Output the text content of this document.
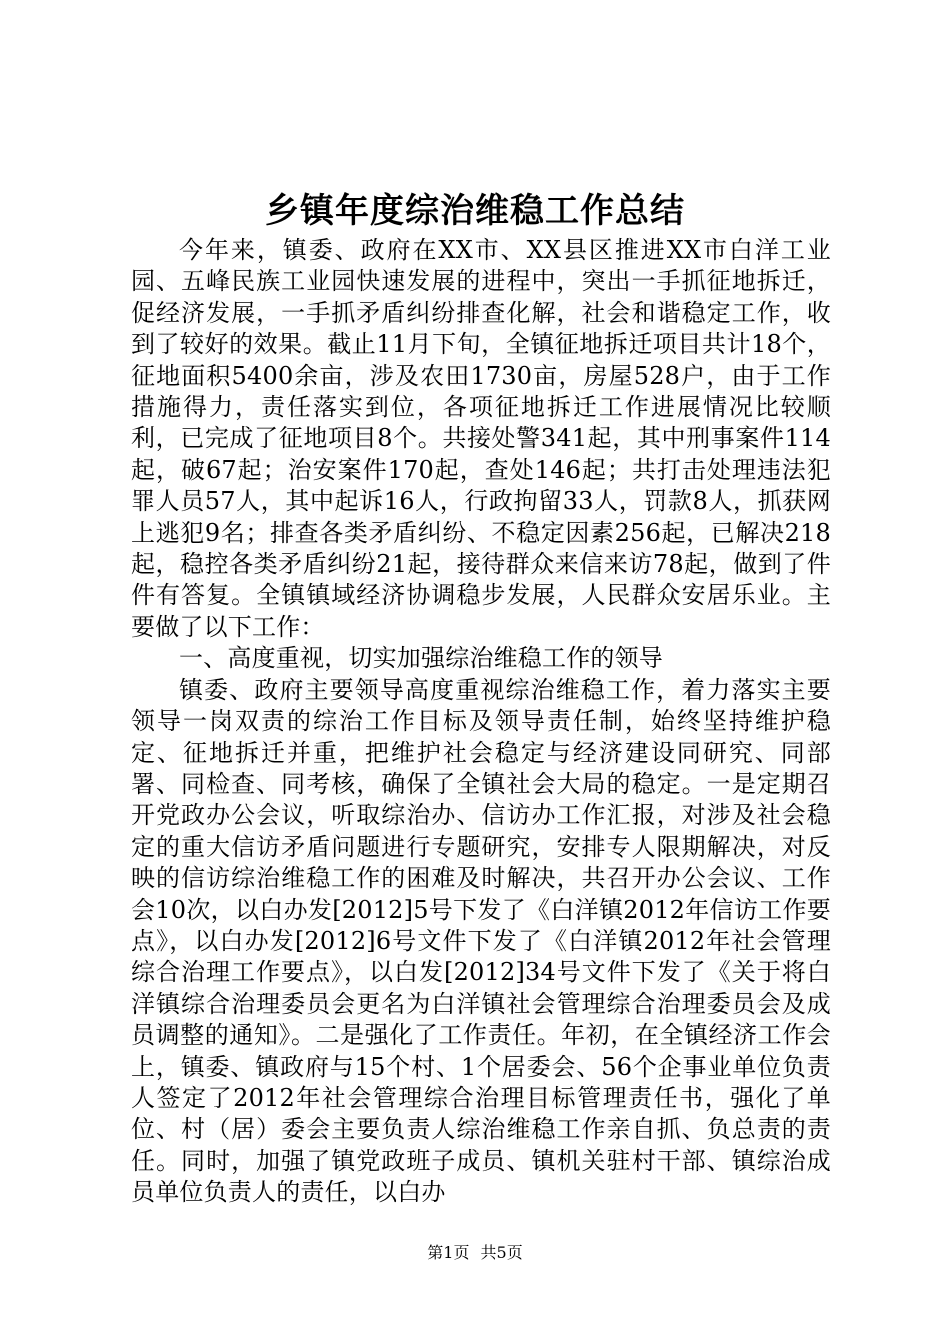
乡镇年度综治维稳工作总结

今年来，镇委、政府在XX市、XX县区推进XX市白洋工业园、五峰民族工业园快速发展的进程中，突出一手抓征地拆迁，促经济发展，一手抓矛盾纠纷排查化解，社会和谐稳定工作，收到了较好的效果。截止11月下旬，全镇征地拆迁项目共计18个，征地面积5400余亩，涉及农田1730亩，房屋528户，由于工作措施得力，责任落实到位，各项征地拆迁工作进展情况比较顺利，已完成了征地项目8个。共接处警341起，其中刑事案件114起，破67起；治安案件170起，查处146起；共打击处理违法犯罪人员57人，其中起诉16人，行政拘留33人，罚款8人，抓获网上逃犯9名；排查各类矛盾纠纷、不稳定因素256起，已解决218起，稳控各类矛盾纠纷21起，接待群众来信来访78起，做到了件件有答复。全镇镇域经济协调稳步发展，人民群众安居乐业。主要做了以下工作：

一、高度重视，切实加强综治维稳工作的领导

镇委、政府主要领导高度重视综治维稳工作，着力落实主要领导一岗双责的综治工作目标及领导责任制，始终坚持维护稳定、征地拆迁并重，把维护社会稳定与经济建设同研究、同部署、同检查、同考核，确保了全镇社会大局的稳定。一是定期召开党政办公会议，听取综治办、信访办工作汇报，对涉及社会稳定的重大信访矛盾问题进行专题研究，安排专人限期解决，对反映的信访综治维稳工作的困难及时解决，共召开办公会议、工作会10次，以白办发[2012]5号下发了《白洋镇2012年信访工作要点》，以白办发[2012]6号文件下发了《白洋镇2012年社会管理综合治理工作要点》，以白发[2012]34号文件下发了《关于将白洋镇综合治理委员会更名为白洋镇社会管理综合治理委员会及成员调整的通知》。二是强化了工作责任。年初，在全镇经济工作会上，镇委、镇政府与15个村、1个居委会、56个企事业单位负责人签定了2012年社会管理综合治理目标管理责任书，强化了单位、村（居）委会主要负责人综治维稳工作亲自抓、负总责的责任。同时，加强了镇党政班子成员、镇机关驻村干部、镇综治成员单位负责人的责任，以白办

第1页 共5页
